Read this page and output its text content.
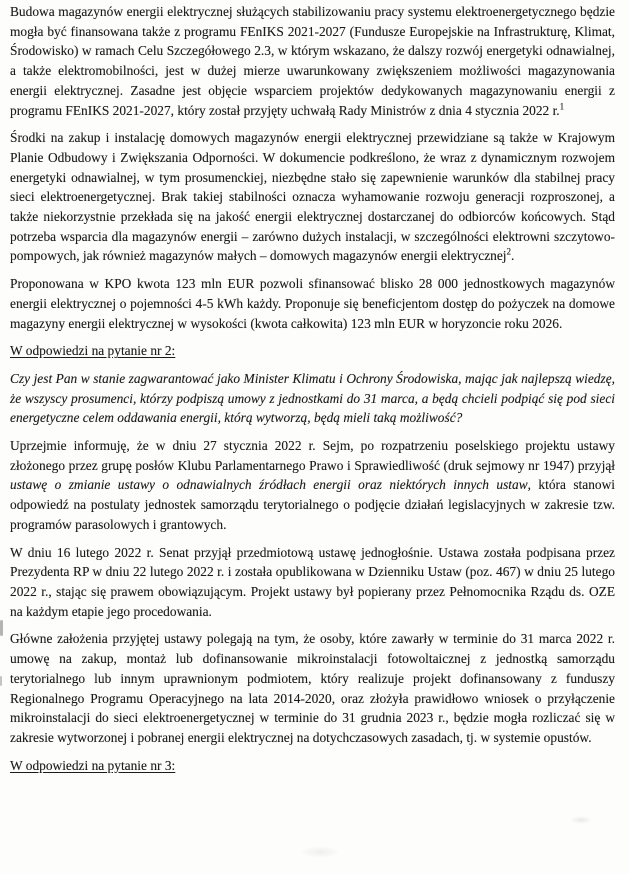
Budowa magazynów energii elektrycznej służących stabilizowaniu pracy systemu elektroenergetycznego będzie mogła być finansowana także z programu FEnIKS 2021-2027 (Fundusze Europejskie na Infrastrukturę, Klimat, Środowisko) w ramach Celu Szczegółowego 2.3, w którym wskazano, że dalszy rozwój energetyki odnawialnej, a także elektromobilności, jest w dużej mierze uwarunkowany zwiększeniem możliwości magazynowania energii elektrycznej. Zasadne jest objęcie wsparciem projektów dedykowanych magazynowaniu energii z programu FEnIKS 2021-2027, który został przyjęty uchwałą Rady Ministrów z dnia 4 stycznia 2022 r.$^1$

Środki na zakup i instalację domowych magazynów energii elektrycznej przewidziane są także w Krajowym Planie Odbudowy i Zwiększania Odporności. W dokumencie podkreślono, że wraz z dynamicznym rozwojem energetyki odnawialnej, w tym prosumenckiej, niezbędne stało się zapewnienie warunków dla stabilnej pracy sieci elektroenergetycznej. Brak takiej stabilności oznacza wyhamowanie rozwoju generacji rozproszonej, a także niekorzystnie przekłada się na jakość energii elektrycznej dostarczanej do odbiorców końcowych. Stąd potrzeba wsparcia dla magazynów energii – zarówno dużych instalacji, w szczególności elektrowni szczytowo-pompowych, jak również magazynów małych – domowych magazynów energii elektrycznej$^2$.

Proponowana w KPO kwota 123 mln EUR pozwoli sfinansować blisko 28 000 jednostkowych magazynów energii elektrycznej o pojemności 4-5 kWh każdy. Proponuje się beneficjentom dostęp do pożyczek na domowe magazyny energii elektrycznej w wysokości (kwota całkowita) 123 mln EUR w horyzoncie roku 2026.

W odpowiedzi na pytanie nr 2:

Czy jest Pan w stanie zagwarantować jako Minister Klimatu i Ochrony Środowiska, mając jak najlepszą wiedzę, że wszyscy prosumenci, którzy podpiszą umowy z jednostkami do 31 marca, a będą chcieli podpiąć się pod sieci energetyczne celem oddawania energii, którą wytworzą, będą mieli taką możliwość?

Uprzejmie informuję, że w dniu 27 stycznia 2022 r. Sejm, po rozpatrzeniu poselskiego projektu ustawy złożonego przez grupę posłów Klubu Parlamentarnego Prawo i Sprawiedliwość (druk sejmowy nr 1947) przyjął ustawę o zmianie ustawy o odnawialnych źródłach energii oraz niektórych innych ustaw, która stanowi odpowiedź na postulaty jednostek samorządu terytorialnego o podjęcie działań legislacyjnych w zakresie tzw. programów parasolowych i grantowych.

W dniu 16 lutego 2022 r. Senat przyjął przedmiotową ustawę jednogłośnie. Ustawa została podpisana przez Prezydenta RP w dniu 22 lutego 2022 r. i została opublikowana w Dzienniku Ustaw (poz. 467) w dniu 25 lutego 2022 r., stając się prawem obowiązującym. Projekt ustawy był popierany przez Pełnomocnika Rządu ds. OZE na każdym etapie jego procedowania.

Główne założenia przyjętej ustawy polegają na tym, że osoby, które zawarły w terminie do 31 marca 2022 r. umowę na zakup, montaż lub dofinansowanie mikroinstalacji fotowoltaicznej z jednostką samorządu terytorialnego lub innym uprawnionym podmiotem, który realizuje projekt dofinansowany z funduszy Regionalnego Programu Operacyjnego na lata 2014-2020, oraz złożyła prawidłowo wniosek o przyłączenie mikroinstalacji do sieci elektroenergetycznej w terminie do 31 grudnia 2023 r., będzie mogła rozliczać się w zakresie wytworzonej i pobranej energii elektrycznej na dotychczasowych zasadach, tj. w systemie opustów.

W odpowiedzi na pytanie nr 3:
